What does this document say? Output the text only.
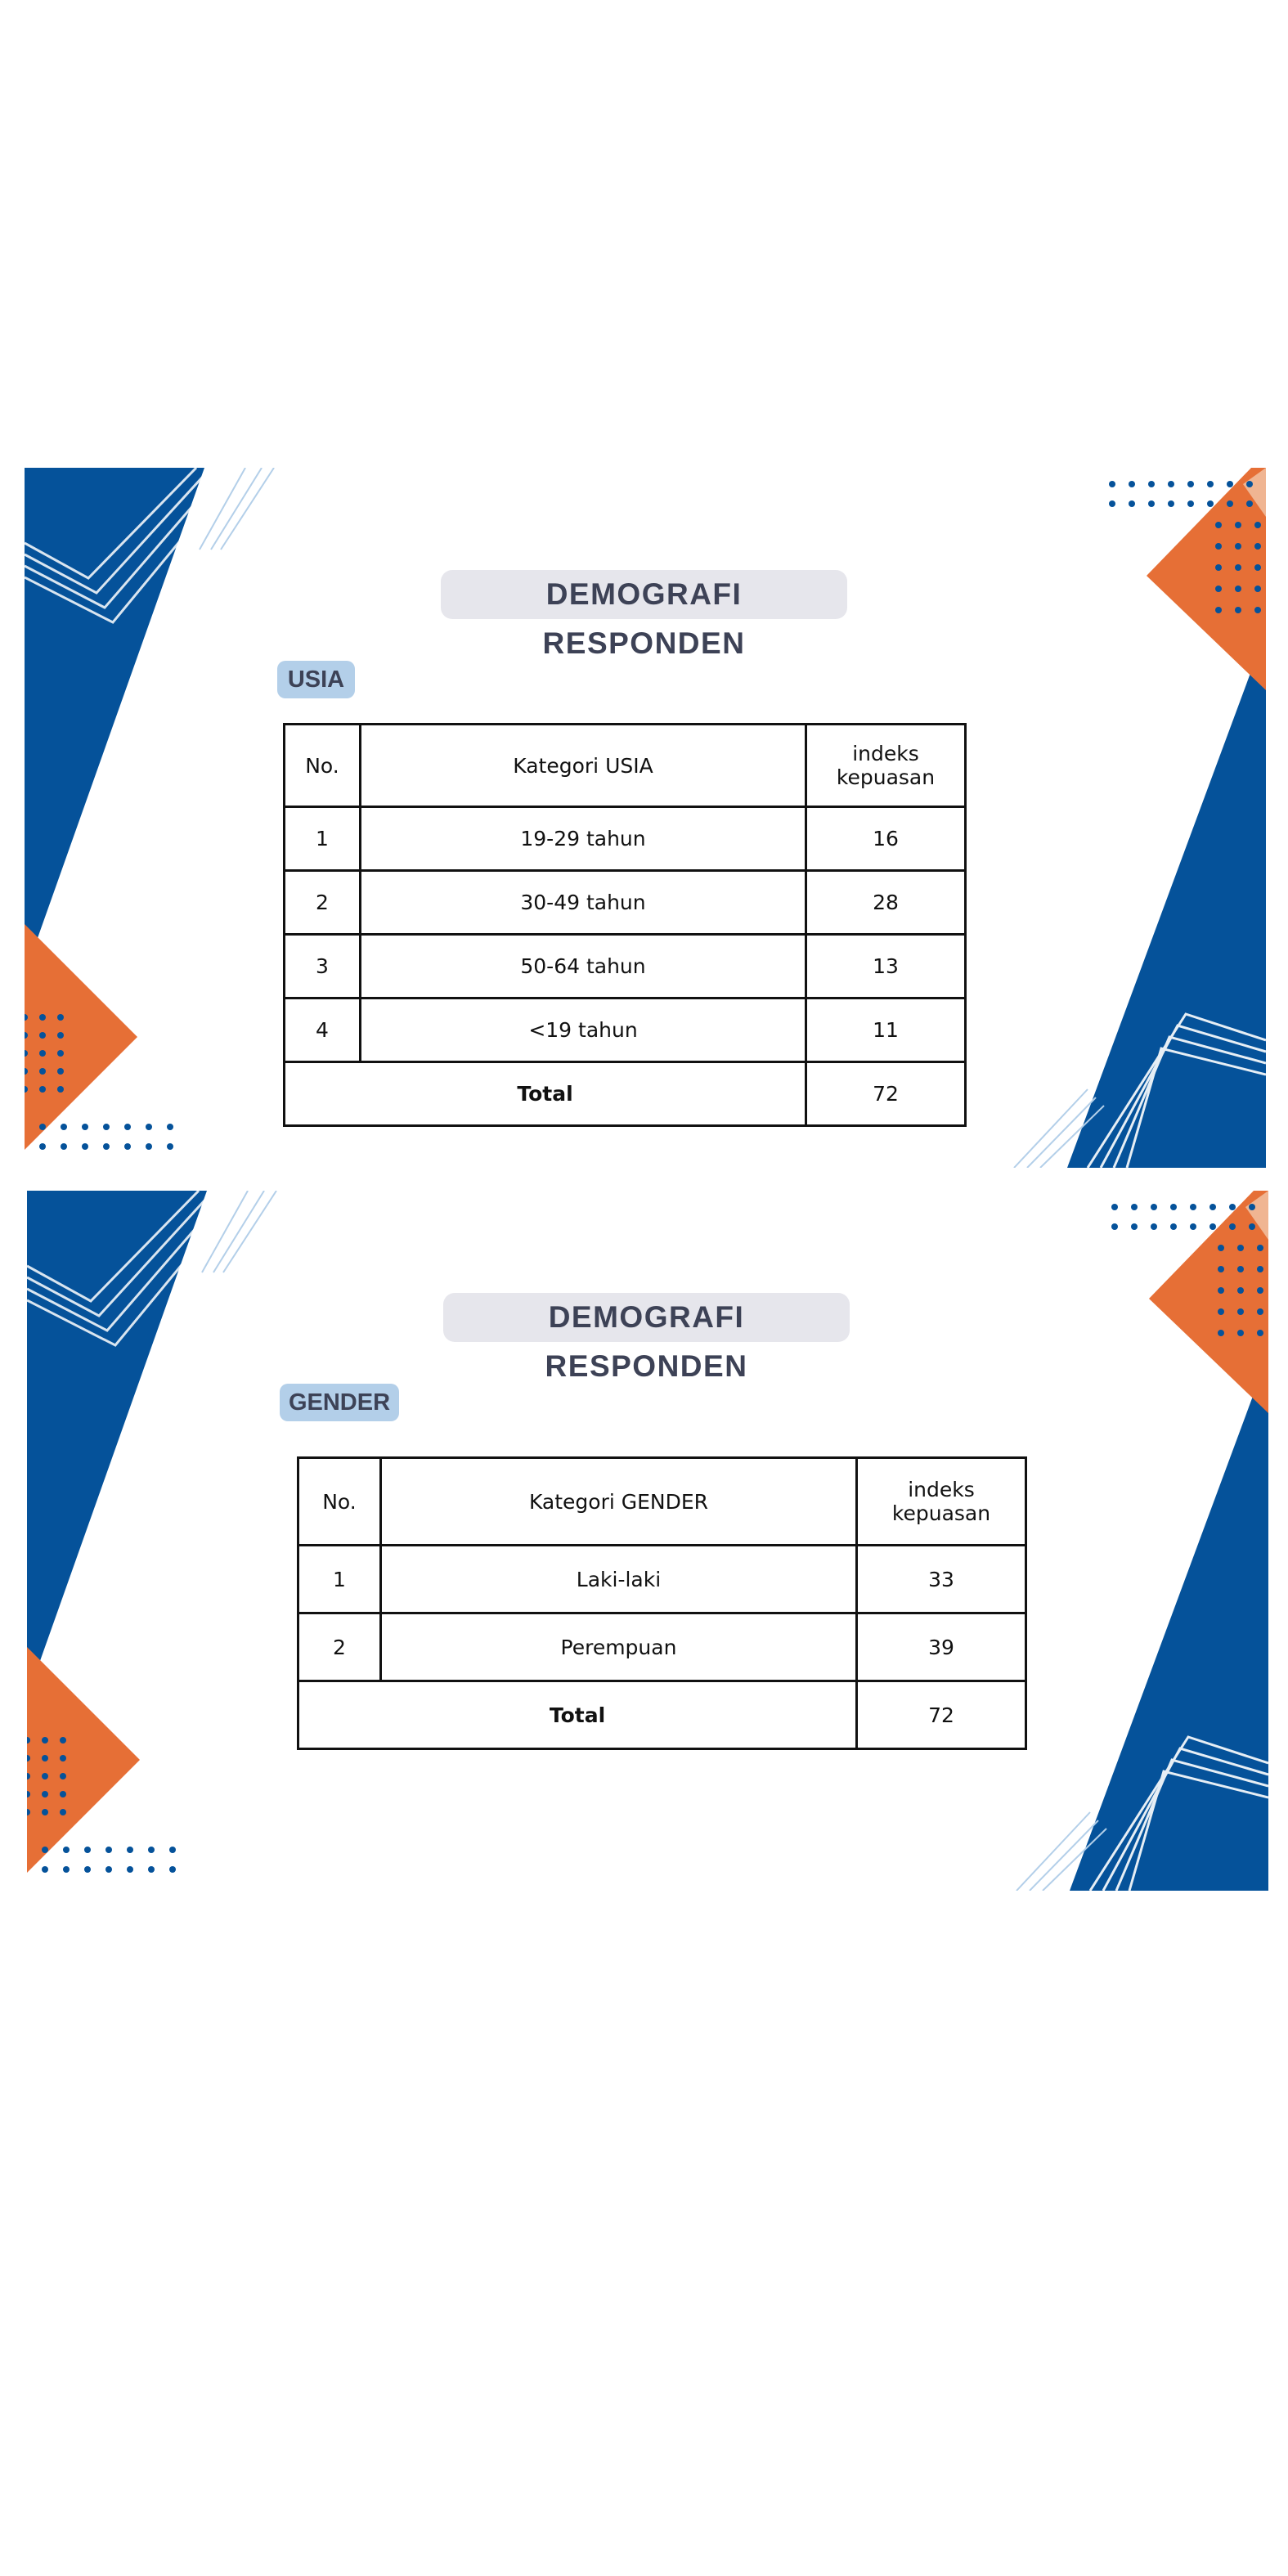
DEMOGRAFI RESPONDEN
USIA
No.	Kategori USIA	indeks kepuasan
1	19-29 tahun	16
2	30-49 tahun	28
3	50-64 tahun	13
4	<19 tahun	11
Total		72
DEMOGRAFI RESPONDEN
GENDER
No.	Kategori GENDER	indeks kepuasan
1	Laki-laki	33
2	Perempuan	39
Total		72
